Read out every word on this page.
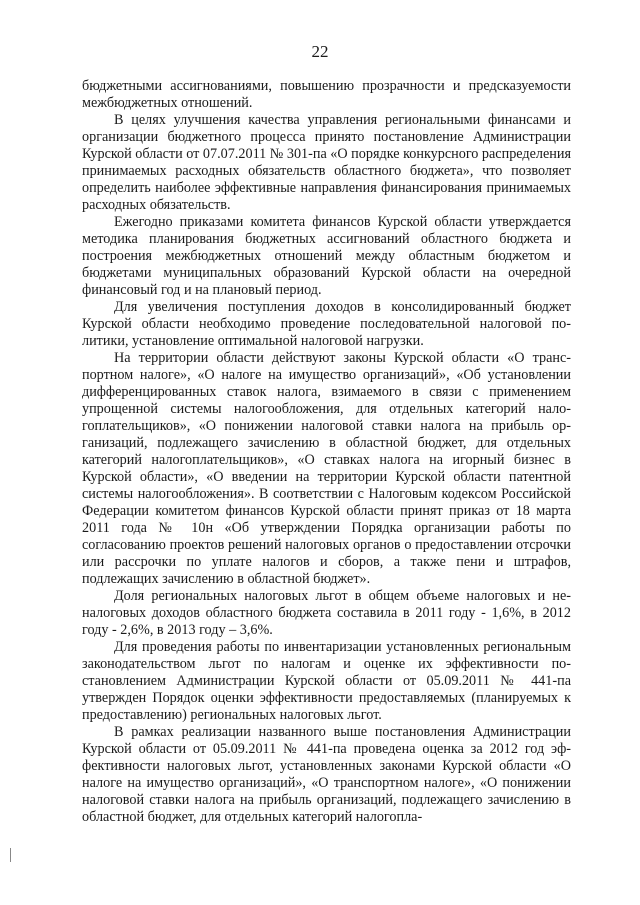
22

бюджетными ассигнованиями, повышению прозрачности и предсказуемости межбюджетных отношений.

В целях улучшения качества управления региональными финансами и организации бюджетного процесса принято постановление Администрации Курской области от 07.07.2011 № 301-па «О порядке конкурсного распределения принимаемых расходных обязательств областного бюджета», что позволяет определить наиболее эффективные направления финансирования принимаемых расходных обязательств.

Ежегодно приказами комитета финансов Курской области утверждается методика планирования бюджетных ассигнований областного бюджета и построения межбюджетных отношений между областным бюджетом и бюджетами муниципальных образований Курской области на очередной финансовый год и на плановый период.

Для увеличения поступления доходов в консолидированный бюджет Курской области необходимо проведение последовательной налоговой политики, установление оптимальной налоговой нагрузки.

На территории области действуют законы Курской области «О транспортном налоге», «О налоге на имущество организаций», «Об установлении дифференцированных ставок налога, взимаемого в связи с применением упрощенной системы налогообложения, для отдельных категорий налогоплательщиков», «О понижении налоговой ставки налога на прибыль организаций, подлежащего зачислению в областной бюджет, для отдельных категорий налогоплательщиков», «О ставках налога на игорный бизнес в Курской области», «О введении на территории Курской области патентной системы налогообложения». В соответствии с Налоговым кодексом Российской Федерации комитетом финансов Курской области принят приказ от 18 марта 2011 года № 10н «Об утверждении Порядка организации работы по согласованию проектов решений налоговых органов о предоставлении отсрочки или рассрочки по уплате налогов и сборов, а также пени и штрафов, подлежащих зачислению в областной бюджет».

Доля региональных налоговых льгот в общем объеме налоговых и неналоговых доходов областного бюджета составила в 2011 году - 1,6%, в 2012 году - 2,6%, в 2013 году – 3,6%.

Для проведения работы по инвентаризации установленных региональным законодательством льгот по налогам и оценке их эффективности постановлением Администрации Курской области от 05.09.2011 № 441-па утвержден Порядок оценки эффективности предоставляемых (планируемых к предоставлению) региональных налоговых льгот.

В рамках реализации названного выше постановления Администрации Курской области от 05.09.2011 № 441-па проведена оценка за 2012 год эффективности налоговых льгот, установленных законами Курской области «О налоге на имущество организаций», «О транспортном налоге», «О понижении налоговой ставки налога на прибыль организаций, подлежащего зачислению в областной бюджет, для отдельных категорий налогопла-
